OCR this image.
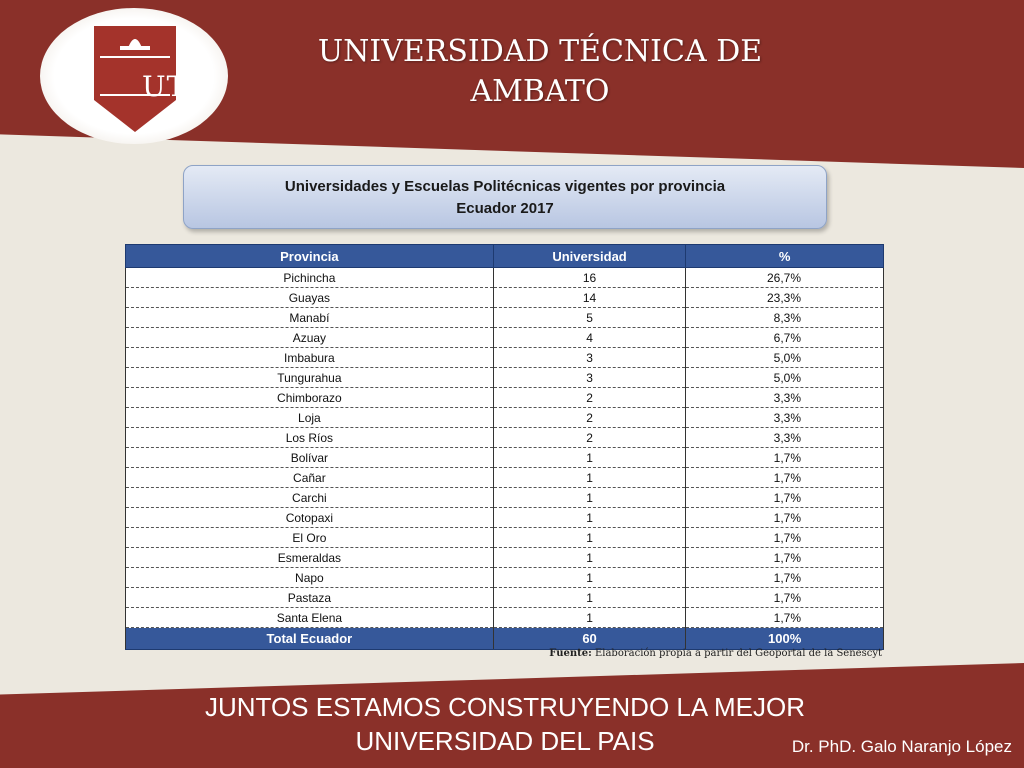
UTA
UNIVERSIDAD TÉCNICA DE
AMBATO
Universidades y Escuelas Politécnicas vigentes por provincia
Ecuador 2017
Provincia	Universidad	%
Pichincha	16	26,7%
Guayas	14	23,3%
Manabí	5	8,3%
Azuay	4	6,7%
Imbabura	3	5,0%
Tungurahua	3	5,0%
Chimborazo	2	3,3%
Loja	2	3,3%
Los Ríos	2	3,3%
Bolívar	1	1,7%
Cañar	1	1,7%
Carchi	1	1,7%
Cotopaxi	1	1,7%
El Oro	1	1,7%
Esmeraldas	1	1,7%
Napo	1	1,7%
Pastaza	1	1,7%
Santa Elena	1	1,7%
Total Ecuador	60	100%
Fuente: Elaboración propia a partir del Geoportal de la Senescyt
JUNTOS ESTAMOS CONSTRUYENDO LA MEJOR
UNIVERSIDAD DEL PAIS	Dr. PhD. Galo Naranjo López
